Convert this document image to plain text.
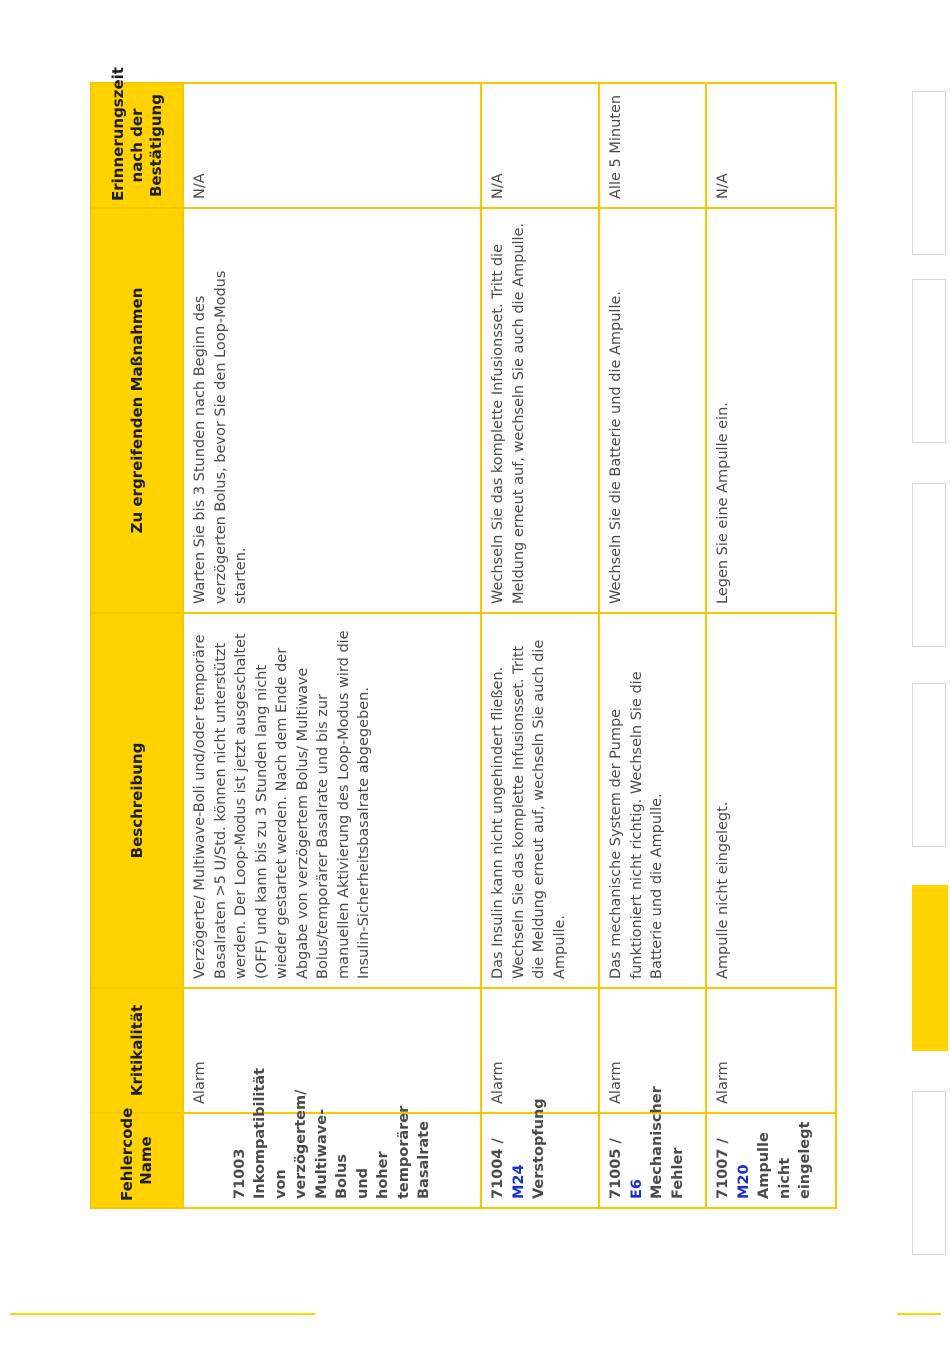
Fehlercode Name	Kritikalität	Beschreibung	Zu ergreifenden Maßnahmen	Erinnerungszeit nach der Bestätigung

71003 Inkompatibilität von verzögertem/ Multiwave-Bolus und hoher temporärer Basalrate	Alarm	Verzögerte/ Multiwave-Boli und/oder temporäre Basalraten >5 U/Std. können nicht unterstützt werden. Der Loop-Modus ist jetzt ausgeschaltet (OFF) und kann bis zu 3 Stunden lang nicht wieder gestartet werden. Nach dem Ende der Abgabe von verzögertem Bolus/ Multiwave Bolus/temporärer Basalrate und bis zur manuellen Aktivierung des Loop-Modus wird die Insulin-Sicherheitsbasalrate abgegeben.	Warten Sie bis 3 Stunden nach Beginn des verzögerten Bolus, bevor Sie den Loop-Modus starten.	N/A

71004 / M24 Verstopfung	Alarm	Das Insulin kann nicht ungehindert fließen. Wechseln Sie das komplette Infusionsset. Tritt die Meldung erneut auf, wechseln Sie auch die Ampulle.	Wechseln Sie das komplette Infusionsset. Tritt die Meldung erneut auf, wechseln Sie auch die Ampulle.	N/A

71005 / E6 Mechanischer Fehler	Alarm	Das mechanische System der Pumpe funktioniert nicht richtig. Wechseln Sie die Batterie und die Ampulle.	Wechseln Sie die Batterie und die Ampulle.	Alle 5 Minuten

71007 / M20 Ampulle nicht eingelegt	Alarm	Ampulle nicht eingelegt.	Legen Sie eine Ampulle ein.	N/A
